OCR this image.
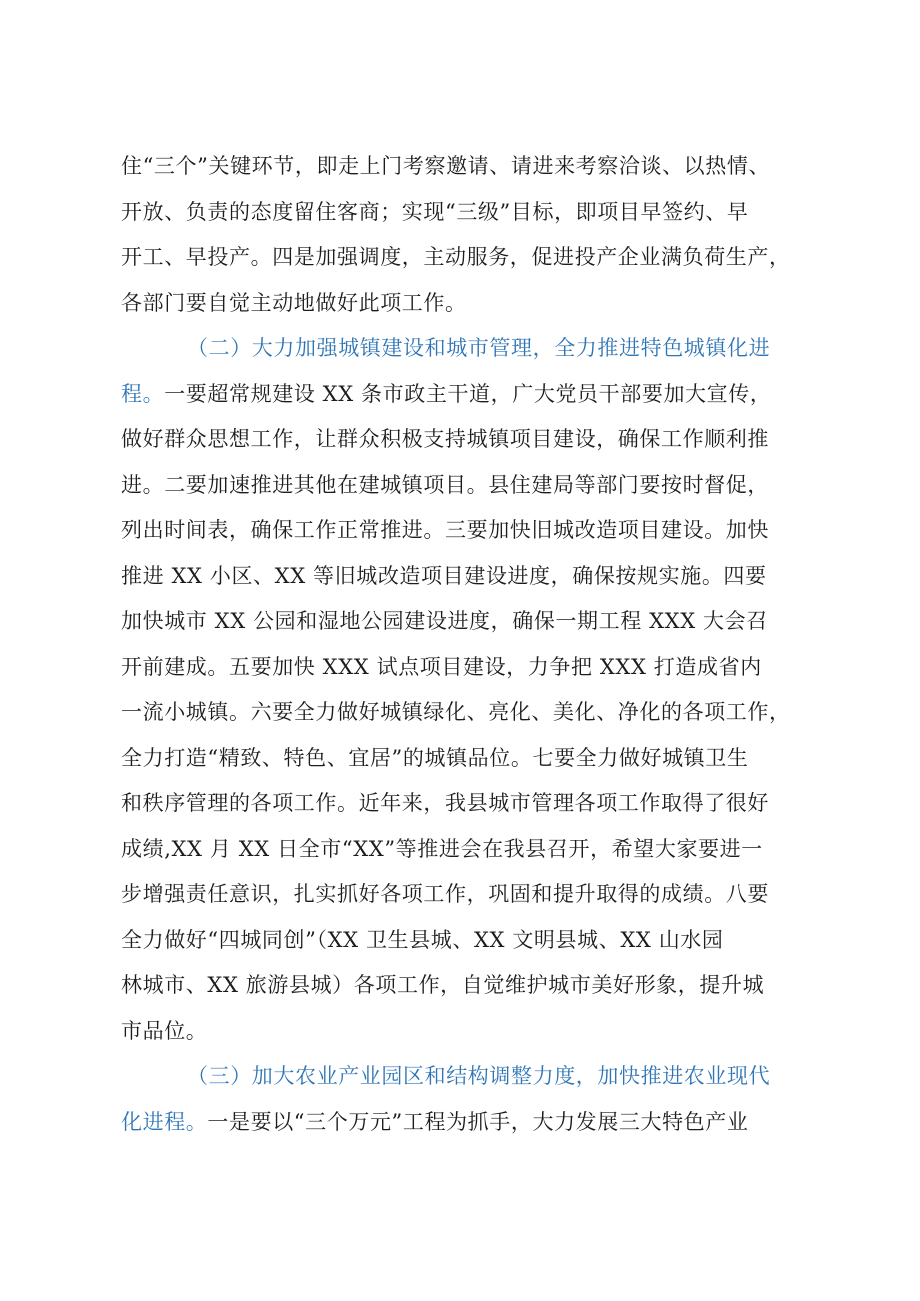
住“三个”关键环节，即走上门考察邀请、请进来考察洽谈、以热情、
开放、负责的态度留住客商；实现“三级”目标，即项目早签约、早
开工、早投产。四是加强调度，主动服务，促进投产企业满负荷生产，
各部门要自觉主动地做好此项工作。
（二）大力加强城镇建设和城市管理，全力推进特色城镇化进
程。一要超常规建设 XX 条市政主干道，广大党员干部要加大宣传，
做好群众思想工作，让群众积极支持城镇项目建设，确保工作顺利推
进。二要加速推进其他在建城镇项目。县住建局等部门要按时督促，
列出时间表，确保工作正常推进。三要加快旧城改造项目建设。加快
推进 XX 小区、XX 等旧城改造项目建设进度，确保按规实施。四要
加快城市 XX 公园和湿地公园建设进度，确保一期工程 XXX 大会召
开前建成。五要加快 XXX 试点项目建设，力争把 XXX 打造成省内
一流小城镇。六要全力做好城镇绿化、亮化、美化、净化的各项工作，
全力打造“精致、特色、宜居”的城镇品位。七要全力做好城镇卫生
和秩序管理的各项工作。近年来，我县城市管理各项工作取得了很好
成绩,XX 月 XX 日全市“XX”等推进会在我县召开，希望大家要进一
步增强责任意识，扎实抓好各项工作，巩固和提升取得的成绩。八要
全力做好“四城同创”（XX 卫生县城、XX 文明县城、XX 山水园
林城市、XX 旅游县城）各项工作，自觉维护城市美好形象，提升城
市品位。
（三）加大农业产业园区和结构调整力度，加快推进农业现代
化进程。一是要以“三个万元”工程为抓手，大力发展三大特色产业
